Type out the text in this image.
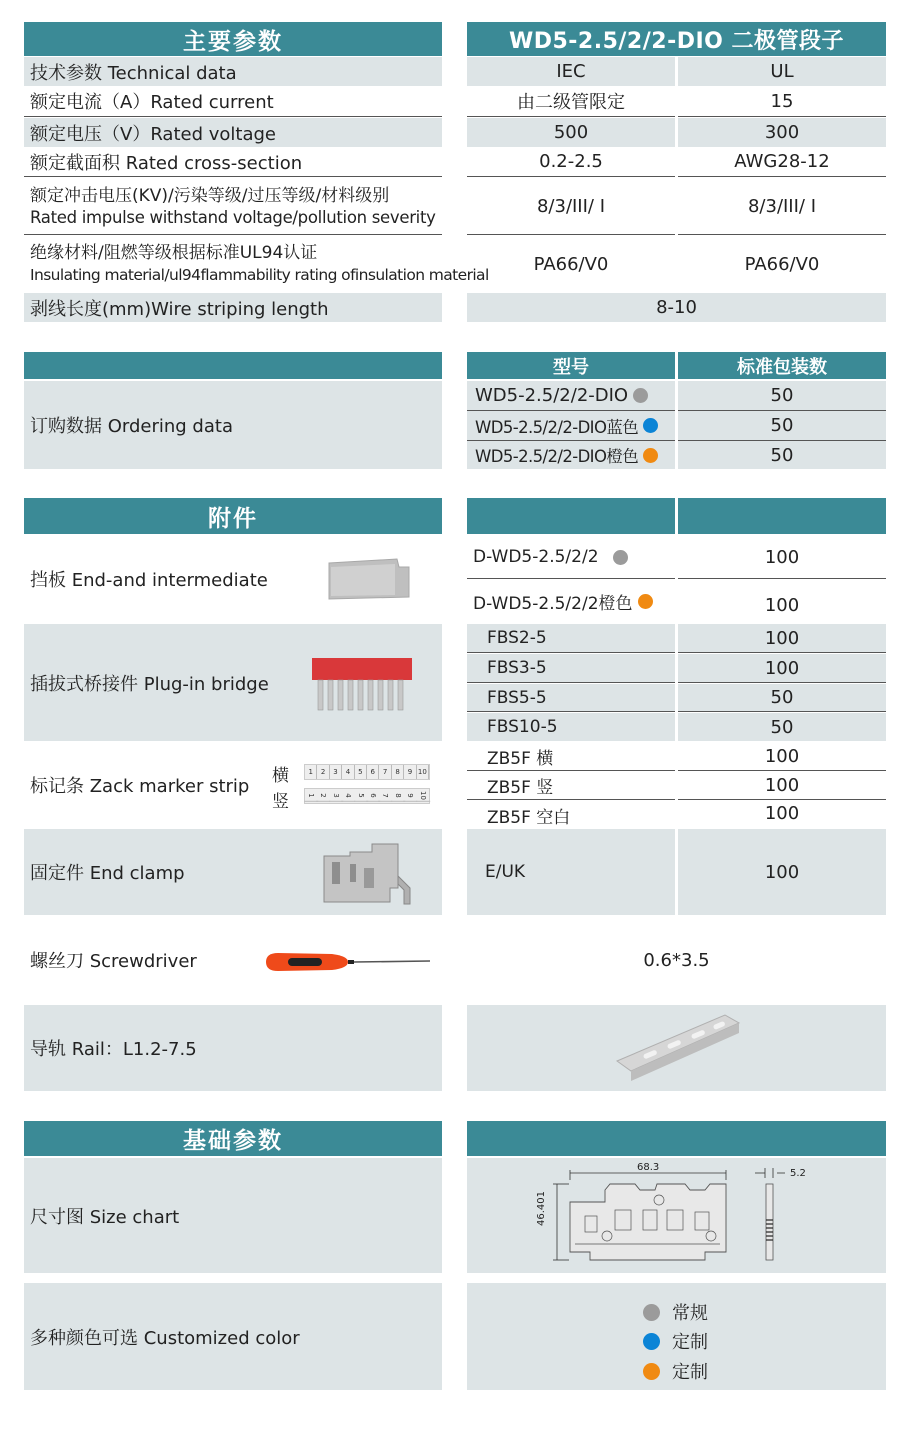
主要参数	WD5-2.5/2/2-DIO 二极管段子
技术参数 Technical data	IEC	UL
额定电流（A）Rated current	由二级管限定	15
额定电压（V）Rated voltage	500	300
额定截面积 Rated cross-section	0.2-2.5	AWG28-12
额定冲击电压(KV)/污染等级/过压等级/材料级别
Rated impulse withstand voltage/pollution severity	8/3/III/ I	8/3/III/ I
绝缘材料/阻燃等级根据标准UL94认证
Insulating material/ul94flammability rating ofinsulation material
PA66/V0	PA66/V0
剥线长度(mm)Wire striping length	8-10
订购数据 Ordering data
型号	标准包装数
WD5-2.5/2/2-DIO	50
WD5-2.5/2/2-DIO蓝色	50
WD5-2.5/2/2-DIO橙色	50
附件
挡板 End-and intermediate
D-WD5-2.5/2/2	100
D-WD5-2.5/2/2橙色	100
插拔式桥接件 Plug-in bridge
FBS2-5	100
FBS3-5	100
FBS5-5	50
FBS10-5	50
标记条 Zack marker strip 横
竖
1	2	3	4	5	6	7	8	9 10
1 2 3 4 5 6 7 8 9 10
ZB5F 横	100
ZB5F 竖	100
ZB5F 空白	100
固定件 End clamp	E/UK	100
螺丝刀 Screwdriver	0.6*3.5
导轨 Rail：L1.2-7.5
基础参数
尺寸图 Size chart
68.3
46.401
5.2
多种颜色可选 Customized color
常规
定制
定制
